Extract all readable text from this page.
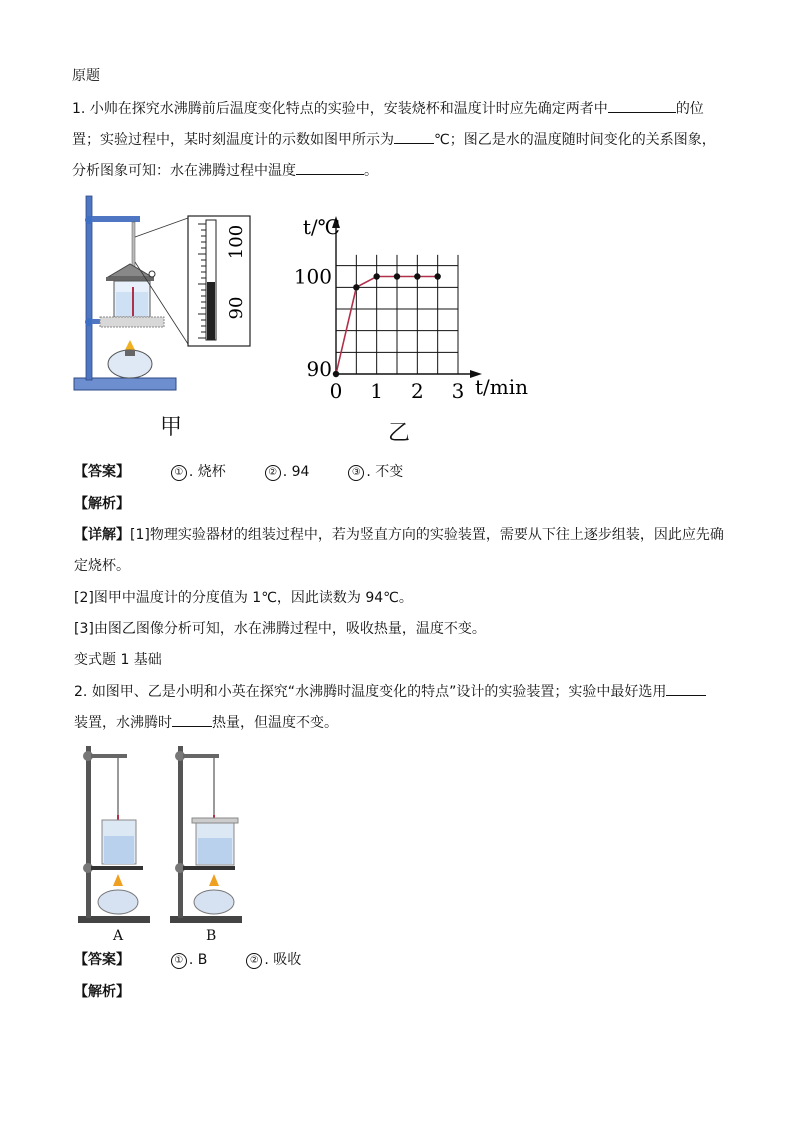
原题
1. 小帅在探究水沸腾前后温度变化特点的实验中，安装烧杯和温度计时应先确定两者中	的位
置；实验过程中，某时刻温度计的示数如图甲所示为	℃；图乙是水的温度随时间变化的关系图象，
分析图象可知：水在沸腾过程中温度	。
100
90
甲
0 1 2 3
90
100
t/℃
t/min
乙
【答案】	① . 烧杯	② . 94	③ . 不变
【解析】
【详解】[1]物理实验器材的组装过程中，若为竖直方向的实验装置，需要从下往上逐步组装，因此应先确
定烧杯。
[2]图甲中温度计的分度值为 1℃，因此读数为 94℃。
[3]由图乙图像分析可知，水在沸腾过程中，吸收热量，温度不变。
变式题 1 基础
2. 如图甲、乙是小明和小英在探究“水沸腾时温度变化的特点”设计的实验装置；实验中最好选用
装置，水沸腾时	热量，但温度不变。
A	B
【答案】	① . B	② . 吸收
【解析】
